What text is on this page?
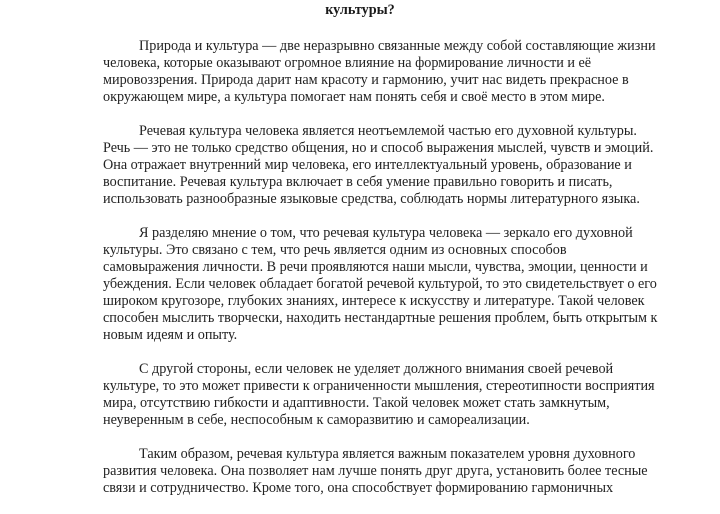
культуры?

Природа и культура — две неразрывно связанные между собой составляющие жизни человека, которые оказывают огромное влияние на формирование личности и её мировоззрения. Природа дарит нам красоту и гармонию, учит нас видеть прекрасное в окружающем мире, а культура помогает нам понять себя и своё место в этом мире.

Речевая культура человека является неотъемлемой частью его духовной культуры. Речь — это не только средство общения, но и способ выражения мыслей, чувств и эмоций. Она отражает внутренний мир человека, его интеллектуальный уровень, образование и воспитание. Речевая культура включает в себя умение правильно говорить и писать, использовать разнообразные языковые средства, соблюдать нормы литературного языка.

Я разделяю мнение о том, что речевая культура человека — зеркало его духовной культуры. Это связано с тем, что речь является одним из основных способов самовыражения личности. В речи проявляются наши мысли, чувства, эмоции, ценности и убеждения. Если человек обладает богатой речевой культурой, то это свидетельствует о его широком кругозоре, глубоких знаниях, интересе к искусству и литературе. Такой человек способен мыслить творчески, находить нестандартные решения проблем, быть открытым к новым идеям и опыту.

С другой стороны, если человек не уделяет должного внимания своей речевой культуре, то это может привести к ограниченности мышления, стереотипности восприятия мира, отсутствию гибкости и адаптивности. Такой человек может стать замкнутым, неуверенным в себе, неспособным к саморазвитию и самореализации.

Таким образом, речевая культура является важным показателем уровня духовного развития человека. Она позволяет нам лучше понять друг друга, установить более тесные связи и сотрудничество. Кроме того, она способствует формированию гармоничных
